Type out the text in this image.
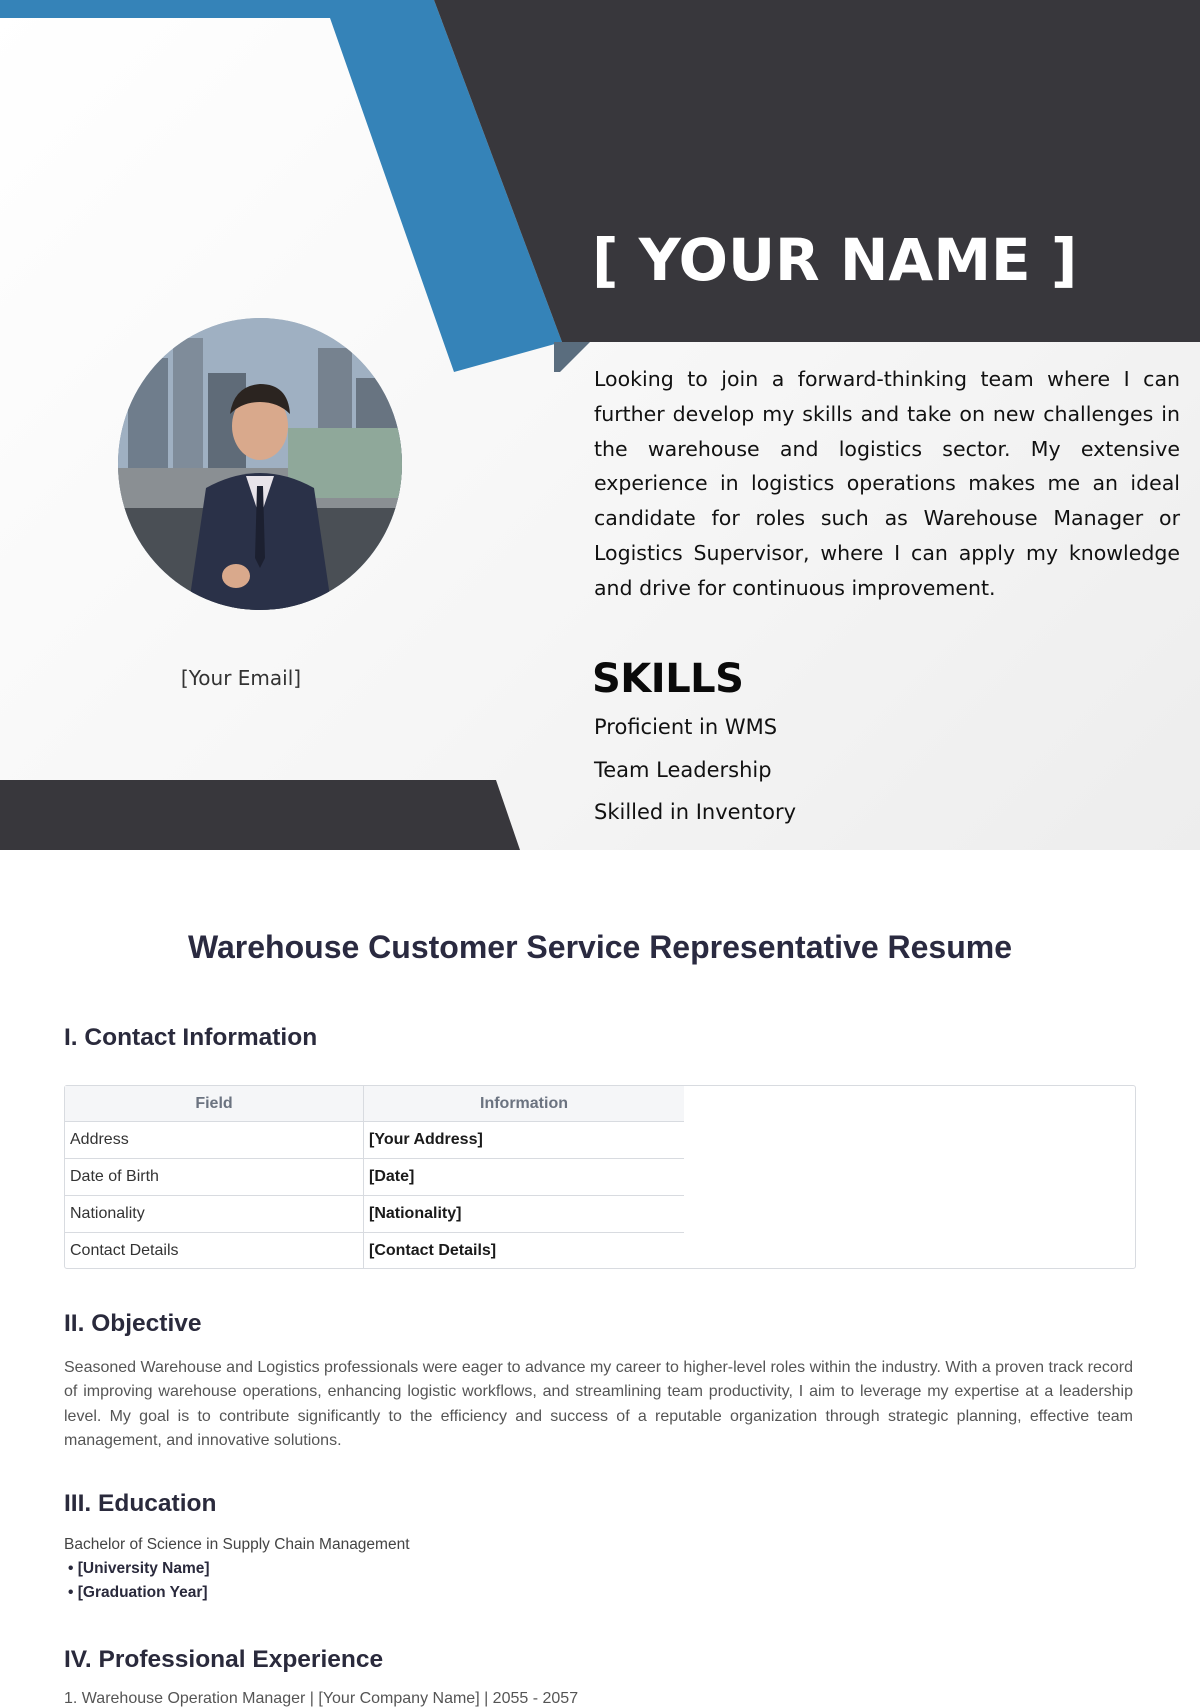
[ YOUR NAME ]

[Your Email]

Looking to join a forward-thinking team where I can further develop my skills and take on new challenges in the warehouse and logistics sector. My extensive experience in logistics operations makes me an ideal candidate for roles such as Warehouse Manager or Logistics Supervisor, where I can apply my knowledge and drive for continuous improvement.

SKILLS
Proficient in WMS
Team Leadership
Skilled in Inventory
Warehouse Customer Service Representative Resume
I. Contact Information
Field	Information
Address	[Your Address]
Date of Birth	[Date]
Nationality	[Nationality]
Contact Details	[Contact Details]
II. Objective

Seasoned Warehouse and Logistics professionals were eager to advance my career to higher-level roles within the industry. With a proven track record of improving warehouse operations, enhancing logistic workflows, and streamlining team productivity, I aim to leverage my expertise at a leadership level. My goal is to contribute significantly to the efficiency and success of a reputable organization through strategic planning, effective team management, and innovative solutions.

III. Education

Bachelor of Science in Supply Chain Management

• [University Name]
• [Graduation Year]
IV. Professional Experience

1. Warehouse Operation Manager | [Your Company Name] | 2055 - 2057
